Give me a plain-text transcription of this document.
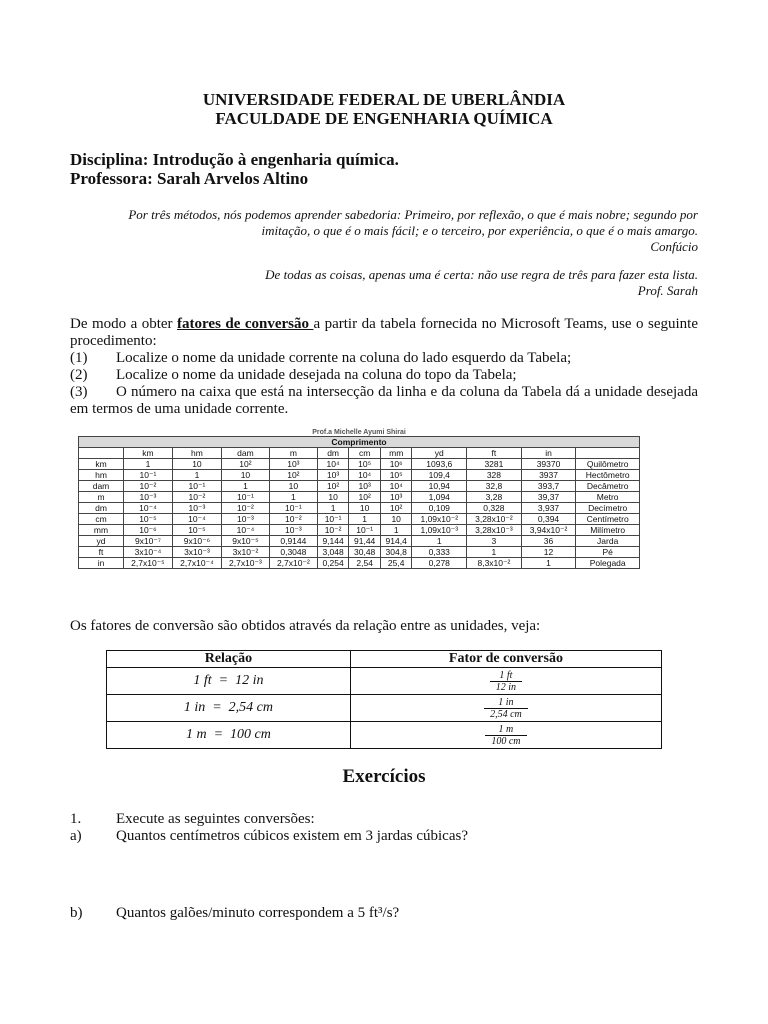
UNIVERSIDADE FEDERAL DE UBERLÂNDIA
FACULDADE DE ENGENHARIA QUÍMICA
Disciplina: Introdução à engenharia química.
Professora: Sarah Arvelos Altino
Por três métodos, nós podemos aprender sabedoria: Primeiro, por reflexão, o que é mais nobre; segundo por
imitação, o que é o mais fácil; e o terceiro, por experiência, o que é o mais amargo.
Confúcio
De todas as coisas, apenas uma é certa: não use regra de três para fazer esta lista.
Prof. Sarah
De modo a obter fatores de conversão a partir da tabela fornecida no Microsoft Teams, use o seguinte procedimento:
(1) Localize o nome da unidade corrente na coluna do lado esquerdo da Tabela;
(2) Localize o nome da unidade desejada na coluna do topo da Tabela;
(3) O número na caixa que está na intersecção da linha e da coluna da Tabela dá a unidade desejada em termos de uma unidade corrente.
Prof.a Michelle Ayumi Shirai											
Comprimento											
	km	hm	dam	m	dm	cm	mm	yd	ft	in	
km	1	10	10²	10³	10⁴	10⁵	10⁶	1093,6	3281	39370	Quilômetro
hm	10⁻¹	1	10	10²	10³	10⁴	10⁵	109,4	328	3937	Hectômetro
dam	10⁻²	10⁻¹	1	10	10²	10³	10⁴	10,94	32,8	393,7	Decâmetro
m	10⁻³	10⁻²	10⁻¹	1	10	10²	10³	1,094	3,28	39,37	Metro
dm	10⁻⁴	10⁻³	10⁻²	10⁻¹	1	10	10²	0,109	0,328	3,937	Decímetro
cm	10⁻⁵	10⁻⁴	10⁻³	10⁻²	10⁻¹	1	10	1,09x10⁻²	3,28x10⁻²	0,394	Centímetro
mm	10⁻⁶	10⁻⁵	10⁻⁴	10⁻³	10⁻²	10⁻¹	1	1,09x10⁻³	3,28x10⁻³	3,94x10⁻²	Milímetro
yd	9x10⁻⁷	9x10⁻⁶	9x10⁻⁵	0,9144	9,144	91,44	914,4	1	3	36	Jarda
ft	3x10⁻⁴	3x10⁻³	3x10⁻²	0,3048	3,048	30,48	304,8	0,333	1	12	Pé
in	2,7x10⁻⁵	2,7x10⁻⁴	2,7x10⁻³	2,7x10⁻²	0,254	2,54	25,4	0,278	8,3x10⁻²	1	Polegada
Os fatores de conversão são obtidos através da relação entre as unidades, veja:
Relação	Fator de conversão
1 ft  =  12 in	$\frac{1 ft}{12 in}$

1 in  =  2,54 cm	$\frac{1 in}{2,54 cm}$

1 m  =  100 cm	$\frac{1 m}{100 cm}$
Exercícios
1. Execute as seguintes conversões:
a) Quantos centímetros cúbicos existem em 3 jardas cúbicas?
b) Quantos galões/minuto correspondem a 5 ft³/s?
